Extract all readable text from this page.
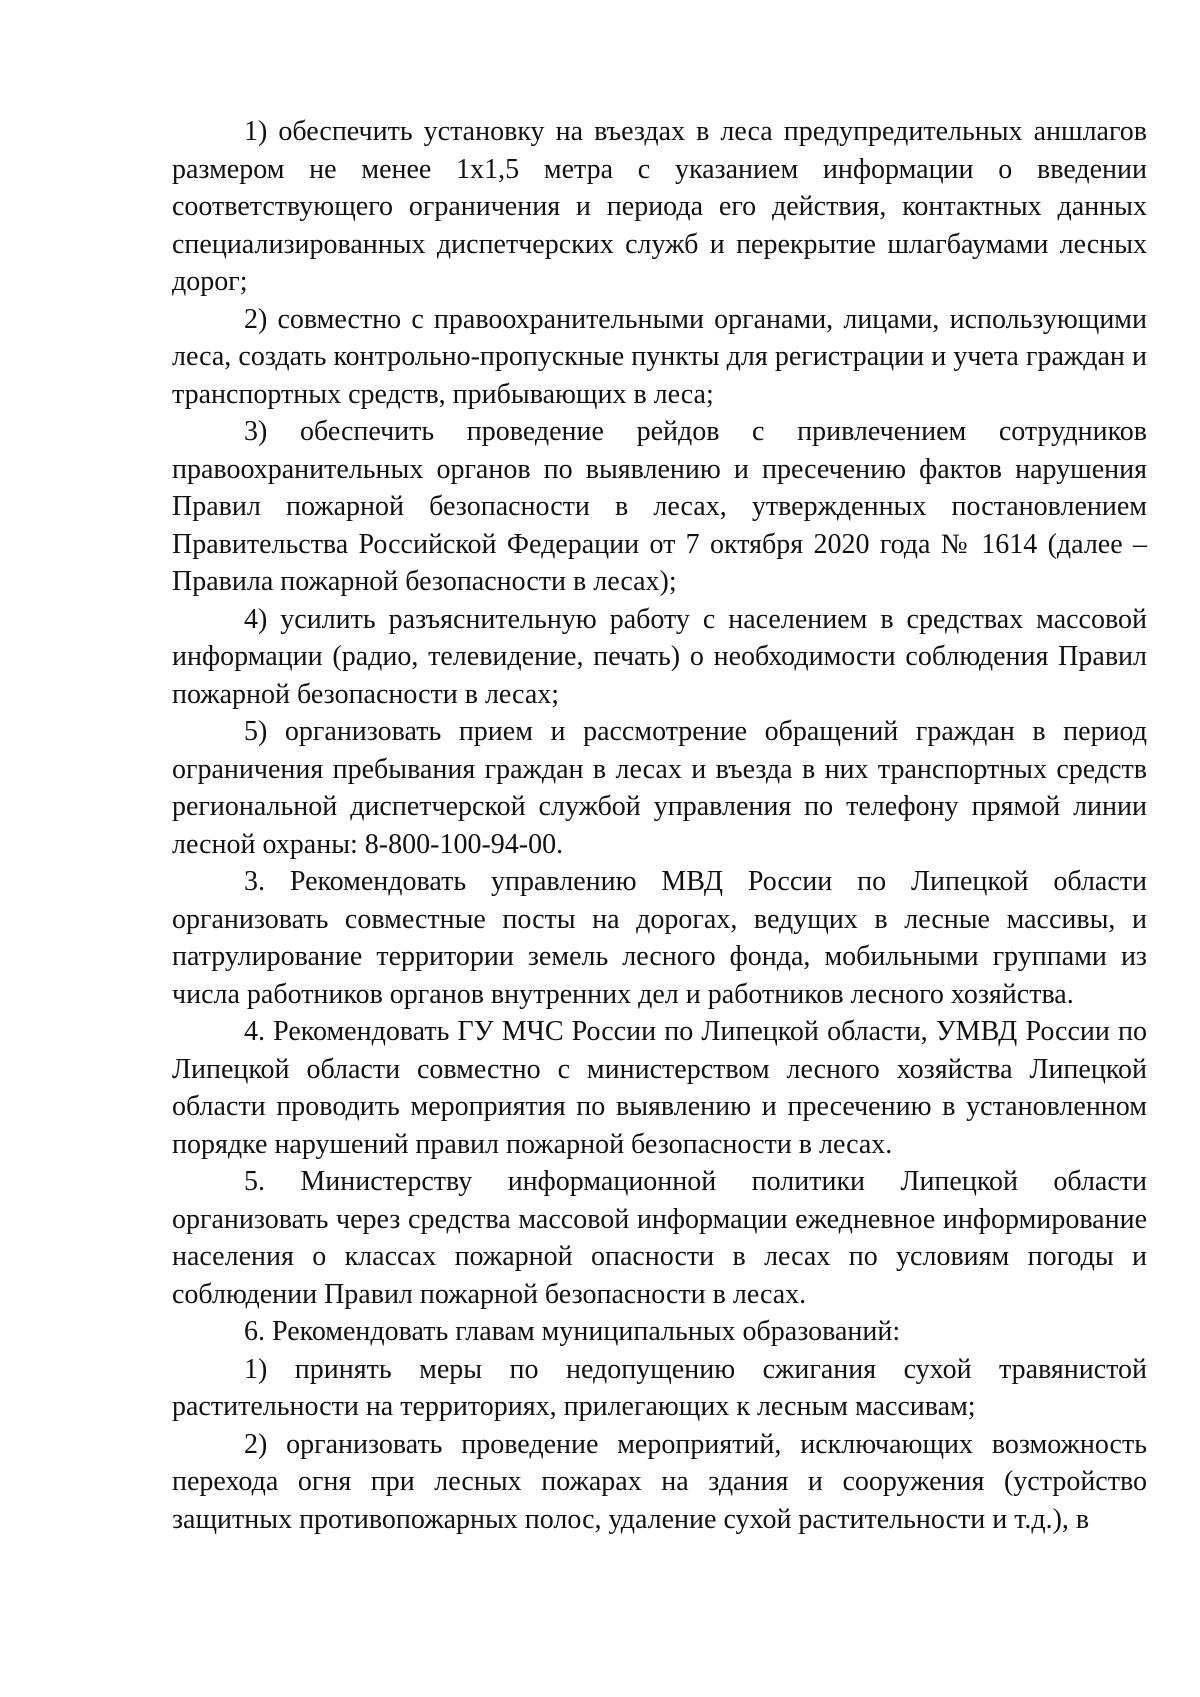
1) обеспечить установку на въездах в леса предупредительных аншлагов размером не менее 1x1,5 метра с указанием информации о введении соответствующего ограничения и периода его действия, контактных данных специализированных диспетчерских служб и перекрытие шлагбаумами лесных дорог;

2) совместно с правоохранительными органами, лицами, использующими леса, создать контрольно-пропускные пункты для регистрации и учета граждан и транспортных средств, прибывающих в леса;

3) обеспечить проведение рейдов с привлечением сотрудников правоохранительных органов по выявлению и пресечению фактов нарушения Правил пожарной безопасности в лесах, утвержденных постановлением Правительства Российской Федерации от 7 октября 2020 года № 1614 (далее – Правила пожарной безопасности в лесах);

4) усилить разъяснительную работу с населением в средствах массовой информации (радио, телевидение, печать) о необходимости соблюдения Правил пожарной безопасности в лесах;

5) организовать прием и рассмотрение обращений граждан в период ограничения пребывания граждан в лесах и въезда в них транспортных средств региональной диспетчерской службой управления по телефону прямой линии лесной охраны: 8-800-100-94-00.

3. Рекомендовать управлению МВД России по Липецкой области организовать совместные посты на дорогах, ведущих в лесные массивы, и патрулирование территории земель лесного фонда, мобильными группами из числа работников органов внутренних дел и работников лесного хозяйства.

4. Рекомендовать ГУ МЧС России по Липецкой области, УМВД России по Липецкой области совместно с министерством лесного хозяйства Липецкой области проводить мероприятия по выявлению и пресечению в установленном порядке нарушений правил пожарной безопасности в лесах.

5. Министерству информационной политики Липецкой области организовать через средства массовой информации ежедневное информирование населения о классах пожарной опасности в лесах по условиям погоды и соблюдении Правил пожарной безопасности в лесах.

6. Рекомендовать главам муниципальных образований:

1) принять меры по недопущению сжигания сухой травянистой растительности на территориях, прилегающих к лесным массивам;

2) организовать проведение мероприятий, исключающих возможность перехода огня при лесных пожарах на здания и сооружения (устройство защитных противопожарных полос, удаление сухой растительности и т.д.), в
